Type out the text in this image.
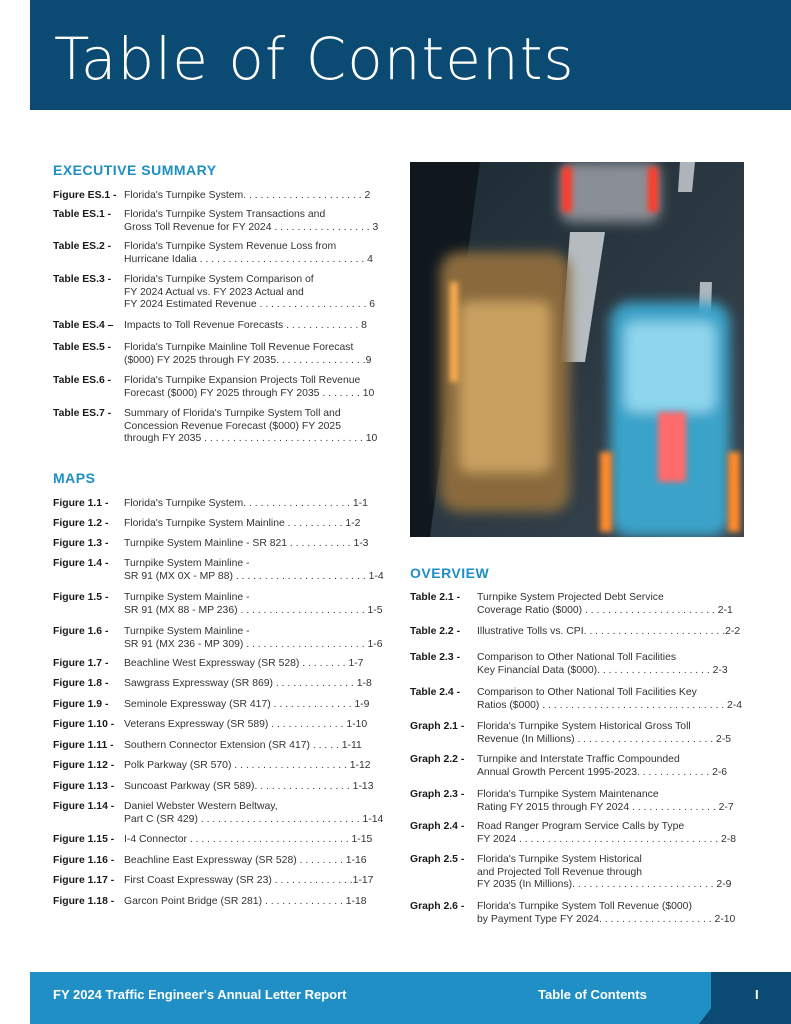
Table of Contents
EXECUTIVE SUMMARY
Figure ES.1 - Florida's Turnpike System. . . . . . . . . . . . . . . . . . . . . 2
Table ES.1 -	Florida's Turnpike System Transactions and
Gross Toll Revenue for FY 2024 . . . . . . . . . . . . . . . . . 3
Table ES.2 -	Florida's Turnpike System Revenue Loss from
Hurricane Idalia . . . . . . . . . . . . . . . . . . . . . . . . . . . . . 4
Table ES.3 -	Florida's Turnpike System Comparison of
FY 2024 Actual vs. FY 2023 Actual and
FY 2024 Estimated Revenue . . . . . . . . . . . . . . . . . . . 6
Table ES.4 –	Impacts to Toll Revenue Forecasts . . . . . . . . . . . . . 8
Table ES.5 -	Florida's Turnpike Mainline Toll Revenue Forecast
($000) FY 2025 through FY 2035. . . . . . . . . . . . . . . .9
Table ES.6 -	Florida's Turnpike Expansion Projects Toll Revenue
Forecast ($000) FY 2025 through FY 2035 . . . . . . . 10
Table ES.7 -	Summary of Florida's Turnpike System Toll and
Concession Revenue Forecast ($000) FY 2025
through FY 2035 . . . . . . . . . . . . . . . . . . . . . . . . . . . . 10
MAPS
Figure 1.1 -	Florida's Turnpike System. . . . . . . . . . . . . . . . . . . 1-1
Figure 1.2 -	Florida's Turnpike System Mainline . . . . . . . . . . 1-2
Figure 1.3 -	Turnpike System Mainline - SR 821 . . . . . . . . . . . 1-3
Figure 1.4 -	Turnpike System Mainline -
SR 91 (MX 0X - MP 88) . . . . . . . . . . . . . . . . . . . . . . . 1-4
Figure 1.5 -	Turnpike System Mainline -
SR 91 (MX 88 - MP 236) . . . . . . . . . . . . . . . . . . . . . . 1-5
Figure 1.6 -	Turnpike System Mainline -
SR 91 (MX 236 - MP 309) . . . . . . . . . . . . . . . . . . . . . 1-6
Figure 1.7 -	Beachline West Expressway (SR 528) . . . . . . . . 1-7
Figure 1.8 -	Sawgrass Expressway (SR 869) . . . . . . . . . . . . . . 1-8
Figure 1.9 -	Seminole Expressway (SR 417) . . . . . . . . . . . . . . 1-9
Figure 1.10 - Veterans Expressway (SR 589) . . . . . . . . . . . . . 1-10
Figure 1.11 - Southern Connector Extension (SR 417) . . . . . 1-11
Figure 1.12 - Polk Parkway (SR 570) . . . . . . . . . . . . . . . . . . . . 1-12
Figure 1.13 - Suncoast Parkway (SR 589). . . . . . . . . . . . . . . . . 1-13
Figure 1.14 - Daniel Webster Western Beltway,
Part C (SR 429) . . . . . . . . . . . . . . . . . . . . . . . . . . . . 1-14
Figure 1.15 - I-4 Connector . . . . . . . . . . . . . . . . . . . . . . . . . . . . 1-15
Figure 1.16 - Beachline East Expressway (SR 528) . . . . . . . . 1-16
Figure 1.17 - First Coast Expressway (SR 23) . . . . . . . . . . . . . .1-17
Figure 1.18 - Garcon Point Bridge (SR 281) . . . . . . . . . . . . . . 1-18
OVERVIEW
Table 2.1 -	Turnpike System Projected Debt Service
Coverage Ratio ($000) . . . . . . . . . . . . . . . . . . . . . . . 2-1
Table 2.2 -	Illustrative Tolls vs. CPI. . . . . . . . . . . . . . . . . . . . . . . . .2-2
Table 2.3 -	Comparison to Other National Toll Facilities
Key Financial Data ($000). . . . . . . . . . . . . . . . . . . . 2-3
Table 2.4 -	Comparison to Other National Toll Facilities Key
Ratios ($000) . . . . . . . . . . . . . . . . . . . . . . . . . . . . . . . . 2-4
Graph 2.1 -	Florida's Turnpike System Historical Gross Toll
Revenue (In Millions) . . . . . . . . . . . . . . . . . . . . . . . . 2-5
Graph 2.2 -	Turnpike and Interstate Traffic Compounded
Annual Growth Percent 1995-2023. . . . . . . . . . . . . 2-6
Graph 2.3 -	Florida's Turnpike System Maintenance
Rating FY 2015 through FY 2024 . . . . . . . . . . . . . . . 2-7
Graph 2.4 -	Road Ranger Program Service Calls by Type
FY 2024 . . . . . . . . . . . . . . . . . . . . . . . . . . . . . . . . . . . 2-8
Graph 2.5 -	Florida's Turnpike System Historical
and Projected Toll Revenue through
FY 2035 (In Millions). . . . . . . . . . . . . . . . . . . . . . . . . 2-9
Graph 2.6 -	Florida's Turnpike System Toll Revenue ($000)
by Payment Type FY 2024. . . . . . . . . . . . . . . . . . . . 2-10
FY 2024 Traffic Engineer's Annual Letter Report	Table of Contents	I
